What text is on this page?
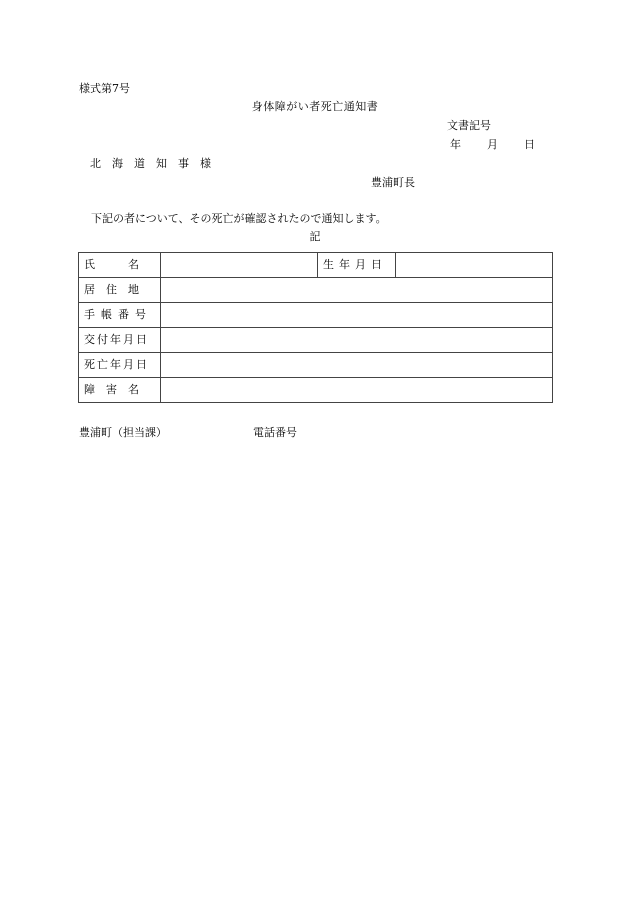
様式第7号
身体障がい者死亡通知書
文書記号
年 月 日
北海道知事様
豊浦町長
下記の者について、その死亡が確認されたので通知します。
記
氏　　　名		生年月日	
居　住　地			
手帳番号			
交付年月日			
死亡年月日			
障　害　名			
豊浦町（担当課）	電話番号
